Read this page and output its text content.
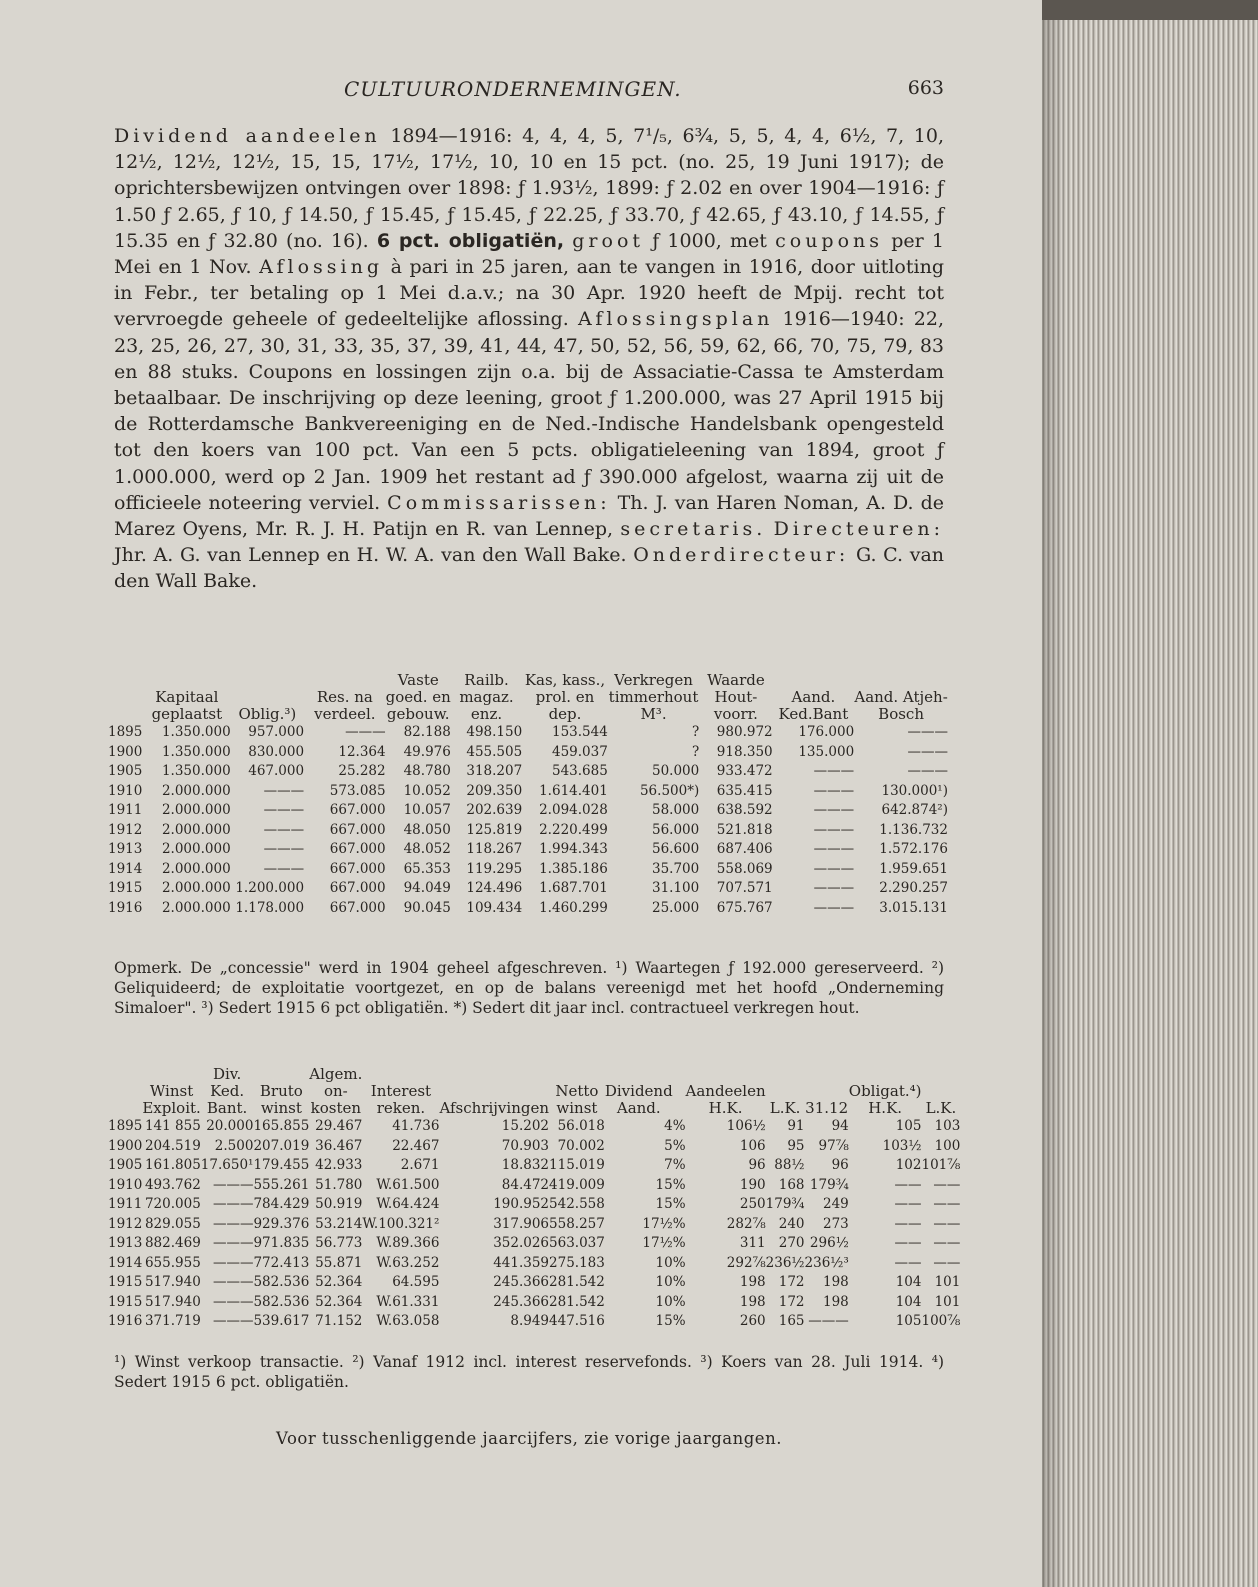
CULTUURONDERNEMINGEN.	663
Dividend aandeelen 1894—1916: 4, 4, 4, 5, 7¹/₅, 6¾, 5, 5, 4, 4, 6½, 7, 10, 12½, 12½, 12½, 15, 15, 17½, 17½, 10, 10 en 15 pct. (no. 25, 19 Juni 1917); de oprichtersbewijzen ontvingen over 1898: ƒ 1.93½, 1899: ƒ 2.02 en over 1904—1916: ƒ 1.50 ƒ 2.65, ƒ 10, ƒ 14.50, ƒ 15.45, ƒ 15.45, ƒ 22.25, ƒ 33.70, ƒ 42.65, ƒ 43.10, ƒ 14.55, ƒ 15.35 en ƒ 32.80 (no. 16). 6 pct. obligatiën, groot ƒ 1000, met coupons per 1 Mei en 1 Nov. Aflossing à pari in 25 jaren, aan te vangen in 1916, door uitloting in Febr., ter betaling op 1 Mei d.a.v.; na 30 Apr. 1920 heeft de Mpij. recht tot vervroegde geheele of gedeeltelijke aflossing. Aflossingsplan 1916—1940: 22, 23, 25, 26, 27, 30, 31, 33, 35, 37, 39, 41, 44, 47, 50, 52, 56, 59, 62, 66, 70, 75, 79, 83 en 88 stuks. Coupons en lossingen zijn o.a. bij de Assaciatie-Cassa te Amsterdam betaalbaar. De inschrijving op deze leening, groot ƒ 1.200.000, was 27 April 1915 bij de Rotterdamsche Bankvereeniging en de Ned.-Indische Handelsbank opengesteld tot den koers van 100 pct. Van een 5 pcts. obligatieleening van 1894, groot ƒ 1.000.000, werd op 2 Jan. 1909 het restant ad ƒ 390.000 afgelost, waarna zij uit de officieele noteering verviel. Commissarissen: Th. J. van Haren Noman, A. D. de Marez Oyens, Mr. R. J. H. Patijn en R. van Lennep, secretaris. Directeuren: Jhr. A. G. van Lennep en H. W. A. van den Wall Bake. Onderdirecteur: G. C. van den Wall Bake.
	Kapitaal geplaatst	Oblig.³)	Res. na verdeel.	Vaste goed. en gebouw.	Railb. magaz. enz.	Kas, kass., prol. en dep.	Verkregen timmerhout M³.	Waarde Hout-voorr.	Aand. Ked.Bant	Aand. Atjeh-Bosch
1895	1.350.000	957.000	———	82.188	498.150	153.544	?	980.972	176.000	———
1900	1.350.000	830.000	12.364	49.976	455.505	459.037	?	918.350	135.000	———
1905	1.350.000	467.000	25.282	48.780	318.207	543.685	50.000	933.472	———	———
1910	2.000.000	———	573.085	10.052	209.350	1.614.401	56.500*)	635.415	———	130.000¹)
1911	2.000.000	———	667.000	10.057	202.639	2.094.028	58.000	638.592	———	642.874²)
1912	2.000.000	———	667.000	48.050	125.819	2.220.499	56.000	521.818	———	1.136.732
1913	2.000.000	———	667.000	48.052	118.267	1.994.343	56.600	687.406	———	1.572.176
1914	2.000.000	———	667.000	65.353	119.295	1.385.186	35.700	558.069	———	1.959.651
1915	2.000.000	1.200.000	667.000	94.049	124.496	1.687.701	31.100	707.571	———	2.290.257
1916	2.000.000	1.178.000	667.000	90.045	109.434	1.460.299	25.000	675.767	———	3.015.131
Opmerk. De „concessie" werd in 1904 geheel afgeschreven. ¹) Waartegen ƒ 192.000 gereserveerd. ²) Geliquideerd; de exploitatie voortgezet, en op de balans vereenigd met het hoofd „Onderneming Simaloer". ³) Sedert 1915 6 pct obligatiën. *) Sedert dit jaar incl. contractueel verkregen hout.
	Winst Exploit.	Div. Ked. Bant.	Bruto winst	Algem. on-kosten	Interest reken.	Afschrijvingen	Netto winst	Dividend Aand.		Aandeelen H.K.	L.K.	31.12	Obligat.⁴) H.K.	L.K.
1895	141 855	20.000	165.855	29.467	41.736	15.202	56.018	4	%	106½	91	94	105	103
1900	204.519	2.500	207.019	36.467	22.467	70.903	70.002	5	%	106	95	97⅞	103½	100
1905	161.805	17.650¹	179.455	42.933	2.671	18.832	115.019	7	%	96	88½	96	102	101⅞
1910	493.762	———	555.261	51.780	W.61.500	84.472	419.009	15	%	190	168	179¾	——	——
1911	720.005	———	784.429	50.919	W.64.424	190.952	542.558	15	%	250	179¾	249	——	——
1912	829.055	———	929.376	53.214	W.100.321²	317.906	558.257	17½	%	282⅞	240	273	——	——
1913	882.469	———	971.835	56.773	W.89.366	352.026	563.037	17½	%	311	270	296½	——	——
1914	655.955	———	772.413	55.871	W.63.252	441.359	275.183	10	%	292⅞	236½	236½³	——	——
1915	517.940	———	582.536	52.364	64.595	245.366	281.542	10	%	198	172	198	104	101
1915	517.940	———	582.536	52.364	W.61.331	245.366	281.542	10	%	198	172	198	104	101
1916	371.719	———	539.617	71.152	W.63.058	8.949	447.516	15	%	260	165	———	105	100⅞
¹) Winst verkoop transactie. ²) Vanaf 1912 incl. interest reservefonds. ³) Koers van 28. Juli 1914. ⁴) Sedert 1915 6 pct. obligatiën.
Voor tusschenliggende jaarcijfers, zie vorige jaargangen.
